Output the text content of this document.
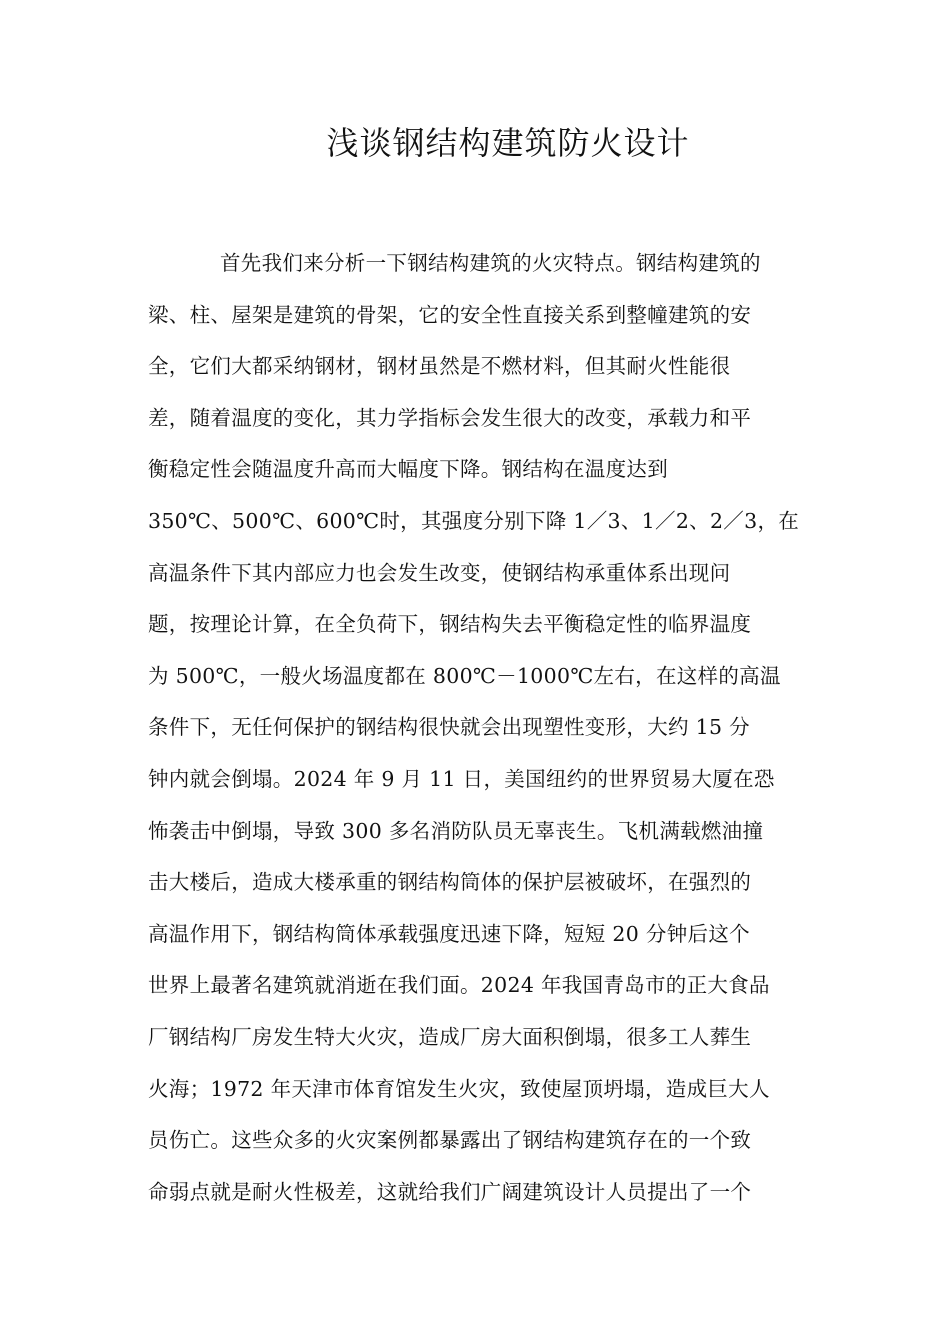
浅谈钢结构建筑防火设计
首先我们来分析一下钢结构建筑的火灾特点。钢结构建筑的
梁、柱、屋架是建筑的骨架，它的安全性直接关系到整幢建筑的安
全，它们大都采纳钢材，钢材虽然是不燃材料，但其耐火性能很
差，随着温度的变化，其力学指标会发生很大的改变，承载力和平
衡稳定性会随温度升高而大幅度下降。钢结构在温度达到
350℃、500℃、600℃时，其强度分别下降 1／3、1／2、2／3，在
高温条件下其内部应力也会发生改变，使钢结构承重体系出现问
题，按理论计算，在全负荷下，钢结构失去平衡稳定性的临界温度
为 500℃，一般火场温度都在 800℃－1000℃左右，在这样的高温
条件下，无任何保护的钢结构很快就会出现塑性变形，大约 15 分
钟内就会倒塌。2024 年 9 月 11 日，美国纽约的世界贸易大厦在恐
怖袭击中倒塌，导致 300 多名消防队员无辜丧生。飞机满载燃油撞
击大楼后，造成大楼承重的钢结构筒体的保护层被破坏，在强烈的
高温作用下，钢结构筒体承载强度迅速下降，短短 20 分钟后这个
世界上最著名建筑就消逝在我们面。2024 年我国青岛市的正大食品
厂钢结构厂房发生特大火灾，造成厂房大面积倒塌，很多工人葬生
火海；1972 年天津市体育馆发生火灾，致使屋顶坍塌，造成巨大人
员伤亡。这些众多的火灾案例都暴露出了钢结构建筑存在的一个致
命弱点就是耐火性极差，这就给我们广阔建筑设计人员提出了一个
